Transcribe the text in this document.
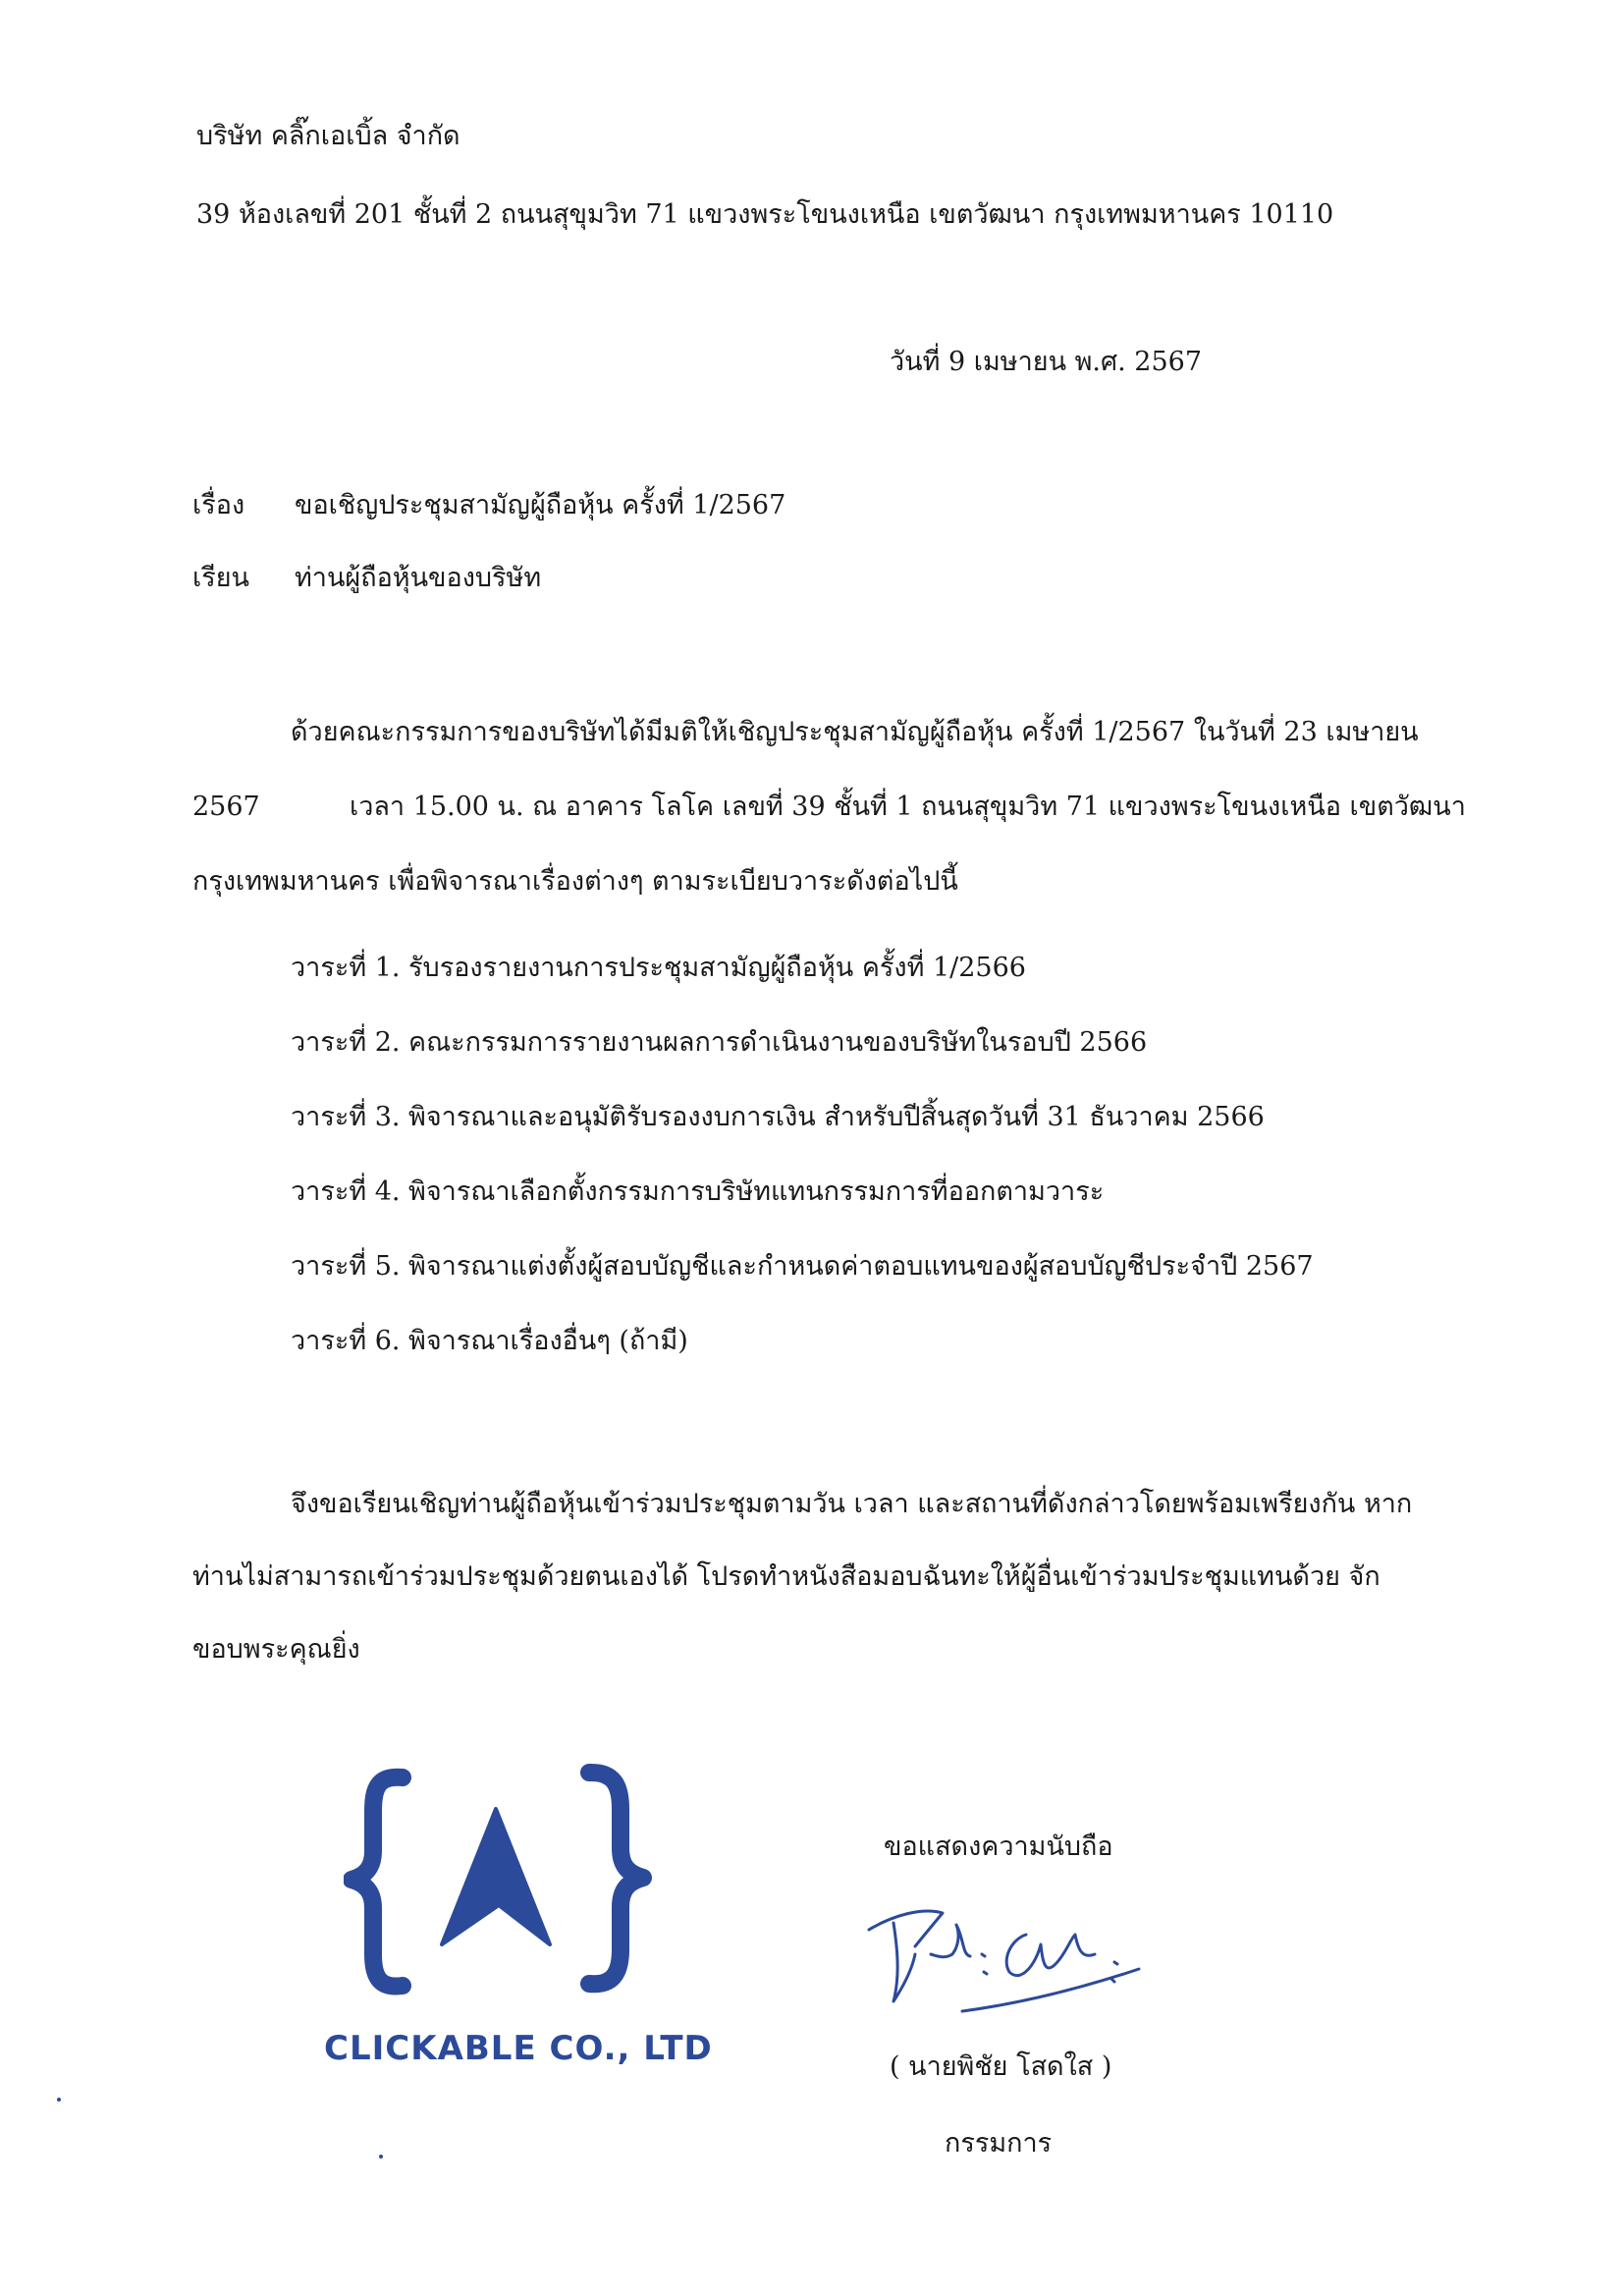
บริษัท คลิ๊กเอเบิ้ล จำกัด
39 ห้องเลขที่ 201 ชั้นที่ 2 ถนนสุขุมวิท 71 แขวงพระโขนงเหนือ เขตวัฒนา กรุงเทพมหานคร 10110
วันที่ 9 เมษายน พ.ศ. 2567
เรื่อง ขอเชิญประชุมสามัญผู้ถือหุ้น ครั้งที่ 1/2567
เรียน ท่านผู้ถือหุ้นของบริษัท
ด้วยคณะกรรมการของบริษัทได้มีมติให้เชิญประชุมสามัญผู้ถือหุ้น ครั้งที่ 1/2567 ในวันที่ 23 เมษายน
2567	เวลา 15.00 น. ณ อาคาร โลโค เลขที่ 39 ชั้นที่ 1 ถนนสุขุมวิท 71 แขวงพระโขนงเหนือ เขตวัฒนา
กรุงเทพมหานคร เพื่อพิจารณาเรื่องต่างๆ ตามระเบียบวาระดังต่อไปนี้
วาระที่ 1. รับรองรายงานการประชุมสามัญผู้ถือหุ้น ครั้งที่ 1/2566
วาระที่ 2. คณะกรรมการรายงานผลการดำเนินงานของบริษัทในรอบปี 2566
วาระที่ 3. พิจารณาและอนุมัติรับรองงบการเงิน สำหรับปีสิ้นสุดวันที่ 31 ธันวาคม 2566
วาระที่ 4. พิจารณาเลือกตั้งกรรมการบริษัทแทนกรรมการที่ออกตามวาระ
วาระที่ 5. พิจารณาแต่งตั้งผู้สอบบัญชีและกำหนดค่าตอบแทนของผู้สอบบัญชีประจำปี 2567
วาระที่ 6. พิจารณาเรื่องอื่นๆ (ถ้ามี)
จึงขอเรียนเชิญท่านผู้ถือหุ้นเข้าร่วมประชุมตามวัน เวลา และสถานที่ดังกล่าวโดยพร้อมเพรียงกัน หาก
ท่านไม่สามารถเข้าร่วมประชุมด้วยตนเองได้ โปรดทำหนังสือมอบฉันทะให้ผู้อื่นเข้าร่วมประชุมแทนด้วย จัก
ขอบพระคุณยิ่ง
CLICKABLE CO., LTD
ขอแสดงความนับถือ
( นายพิชัย โสดใส )
กรรมการ
